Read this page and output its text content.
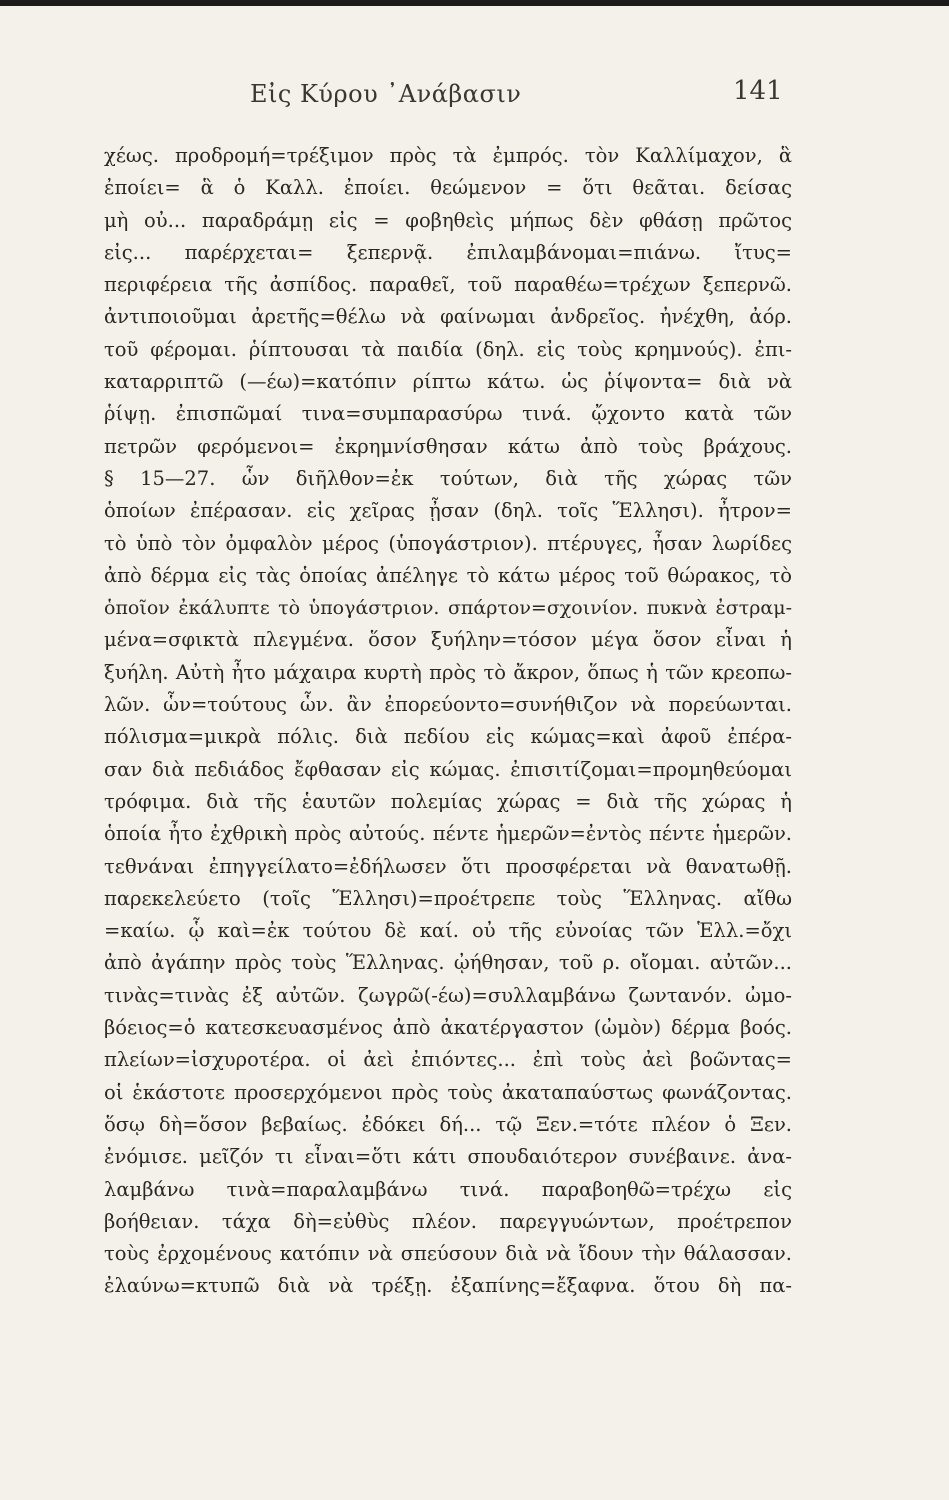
Εἰς Κύρου ᾿Ανάβασιν	141
χέως. προδρομή=τρέξιμον πρὸς τὰ ἐμπρός. τὸν Καλλίμαχον, ἃ
ἐποίει= ἃ ὁ Καλλ. ἐποίει. θεώμενον = ὅτι θεᾶται. δείσας
μὴ οὐ... παραδράμῃ εἰς = φοβηθεὶς μήπως δὲν φθάσῃ πρῶτος
εἰς... παρέρχεται= ξεπερνᾷ. ἐπιλαμβάνομαι=πιάνω. ἴτυς=
περιφέρεια τῆς ἀσπίδος. παραθεῖ, τοῦ παραθέω=τρέχων ξεπερνῶ.
ἀντιποιοῦμαι ἀρετῆς=θέλω νὰ φαίνωμαι ἀνδρεῖος. ἠνέχθη, ἀόρ.
τοῦ φέρομαι. ῥίπτουσαι τὰ παιδία (δηλ. εἰς τοὺς κρημνούς). ἐπι-
καταρριπτῶ (—έω)=κατόπιν ρίπτω κάτω. ὡς ῥίψοντα= διὰ νὰ
ῥίψῃ. ἐπισπῶμαί τινα=συμπαρασύρω τινά. ᾤχοντο κατὰ τῶν
πετρῶν φερόμενοι= ἐκρημνίσθησαν κάτω ἀπὸ τοὺς βράχους.
§ 15—27. ὧν διῆλθον=ἐκ τούτων, διὰ τῆς χώρας τῶν
ὁποίων ἐπέρασαν. εἰς χεῖρας ᾖσαν (δηλ. τοῖς Ἕλλησι). ἦτρον=
τὸ ὑπὸ τὸν ὀμφαλὸν μέρος (ὑπογάστριον). πτέρυγες, ἦσαν λωρίδες
ἀπὸ δέρμα εἰς τὰς ὁποίας ἀπέληγε τὸ κάτω μέρος τοῦ θώρακος, τὸ
ὁποῖον ἐκάλυπτε τὸ ὑπογάστριον. σπάρτον=σχοινίον. πυκνὰ ἐστραμ-
μένα=σφικτὰ πλεγμένα. ὅσον ξυήλην=τόσον μέγα ὅσον εἶναι ἡ
ξυήλη. Αὐτὴ ἦτο μάχαιρα κυρτὴ πρὸς τὸ ἄκρον, ὅπως ἡ τῶν κρεοπω-
λῶν. ὧν=τούτους ὧν. ἂν ἐπορεύοντο=συνήθιζον νὰ πορεύωνται.
πόλισμα=μικρὰ πόλις. διὰ πεδίου εἰς κώμας=καὶ ἀφοῦ ἐπέρα-
σαν διὰ πεδιάδος ἔφθασαν εἰς κώμας. ἐπισιτίζομαι=προμηθεύομαι
τρόφιμα. διὰ τῆς ἑαυτῶν πολεμίας χώρας = διὰ τῆς χώρας ἡ
ὁποία ἦτο ἐχθρικὴ πρὸς αὐτούς. πέντε ἡμερῶν=ἐντὸς πέντε ἡμερῶν.
τεθνάναι ἐπηγγείλατο=ἐδήλωσεν ὅτι προσφέρεται νὰ θανατωθῇ.
παρεκελεύετο (τοῖς Ἕλλησι)=προέτρεπε τοὺς Ἕλληνας. αἴθω
=καίω. ᾧ καὶ=ἐκ τούτου δὲ καί. οὐ τῆς εὐνοίας τῶν Ἑλλ.=ὄχι
ἀπὸ ἀγάπην πρὸς τοὺς Ἕλληνας. ᾠήθησαν, τοῦ ρ. οἴομαι. αὐτῶν...
τινὰς=τινὰς ἐξ αὐτῶν. ζωγρῶ(-έω)=συλλαμβάνω ζωντανόν. ὠμο-
βόειος=ὁ κατεσκευασμένος ἀπὸ ἀκατέργαστον (ὠμὸν) δέρμα βοός.
πλείων=ἰσχυροτέρα. οἱ ἀεὶ ἐπιόντες... ἐπὶ τοὺς ἀεὶ βοῶντας=
οἱ ἑκάστοτε προσερχόμενοι πρὸς τοὺς ἀκαταπαύστως φωνάζοντας.
ὅσῳ δὴ=ὅσον βεβαίως. ἐδόκει δή... τῷ Ξεν.=τότε πλέον ὁ Ξεν.
ἐνόμισε. μεῖζόν τι εἶναι=ὅτι κάτι σπουδαιότερον συνέβαινε. ἀνα-
λαμβάνω τινὰ=παραλαμβάνω τινά. παραβοηθῶ=τρέχω εἰς
βοήθειαν. τάχα δὴ=εὐθὺς πλέον. παρεγγυώντων, προέτρεπον
τοὺς ἐρχομένους κατόπιν νὰ σπεύσουν διὰ νὰ ἴδουν τὴν θάλασσαν.
ἐλαύνω=κτυπῶ διὰ νὰ τρέξῃ. ἐξαπίνης=ἔξαφνα. ὅτου δὴ πα-
